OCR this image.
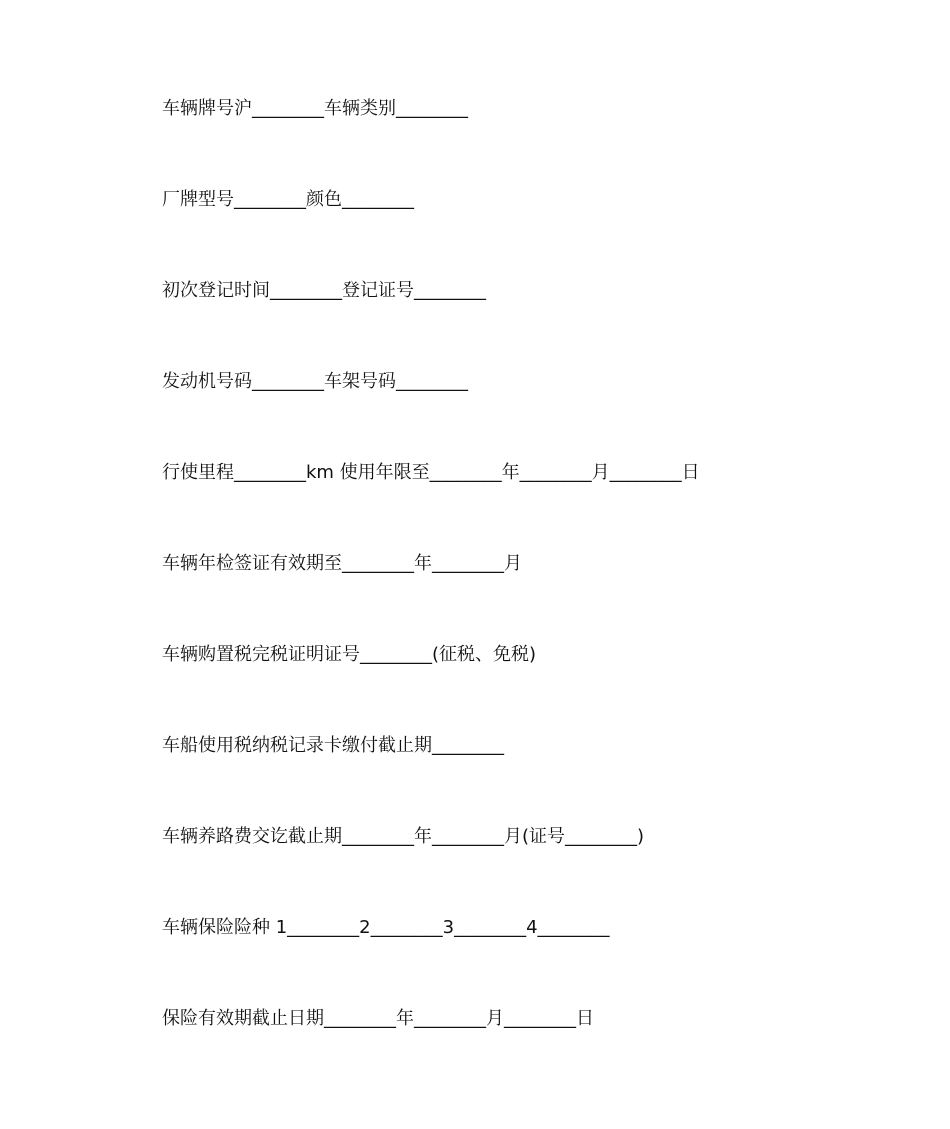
车辆牌号沪________车辆类别________
厂牌型号________颜色________
初次登记时间________登记证号________
发动机号码________车架号码________
行使里程________km 使用年限至________年________月________日
车辆年检签证有效期至________年________月
车辆购置税完税证明证号________(征税、免税)
车船使用税纳税记录卡缴付截止期________
车辆养路费交讫截止期________年________月(证号________)
车辆保险险种 1________2________3________4________
保险有效期截止日期________年________月________日
